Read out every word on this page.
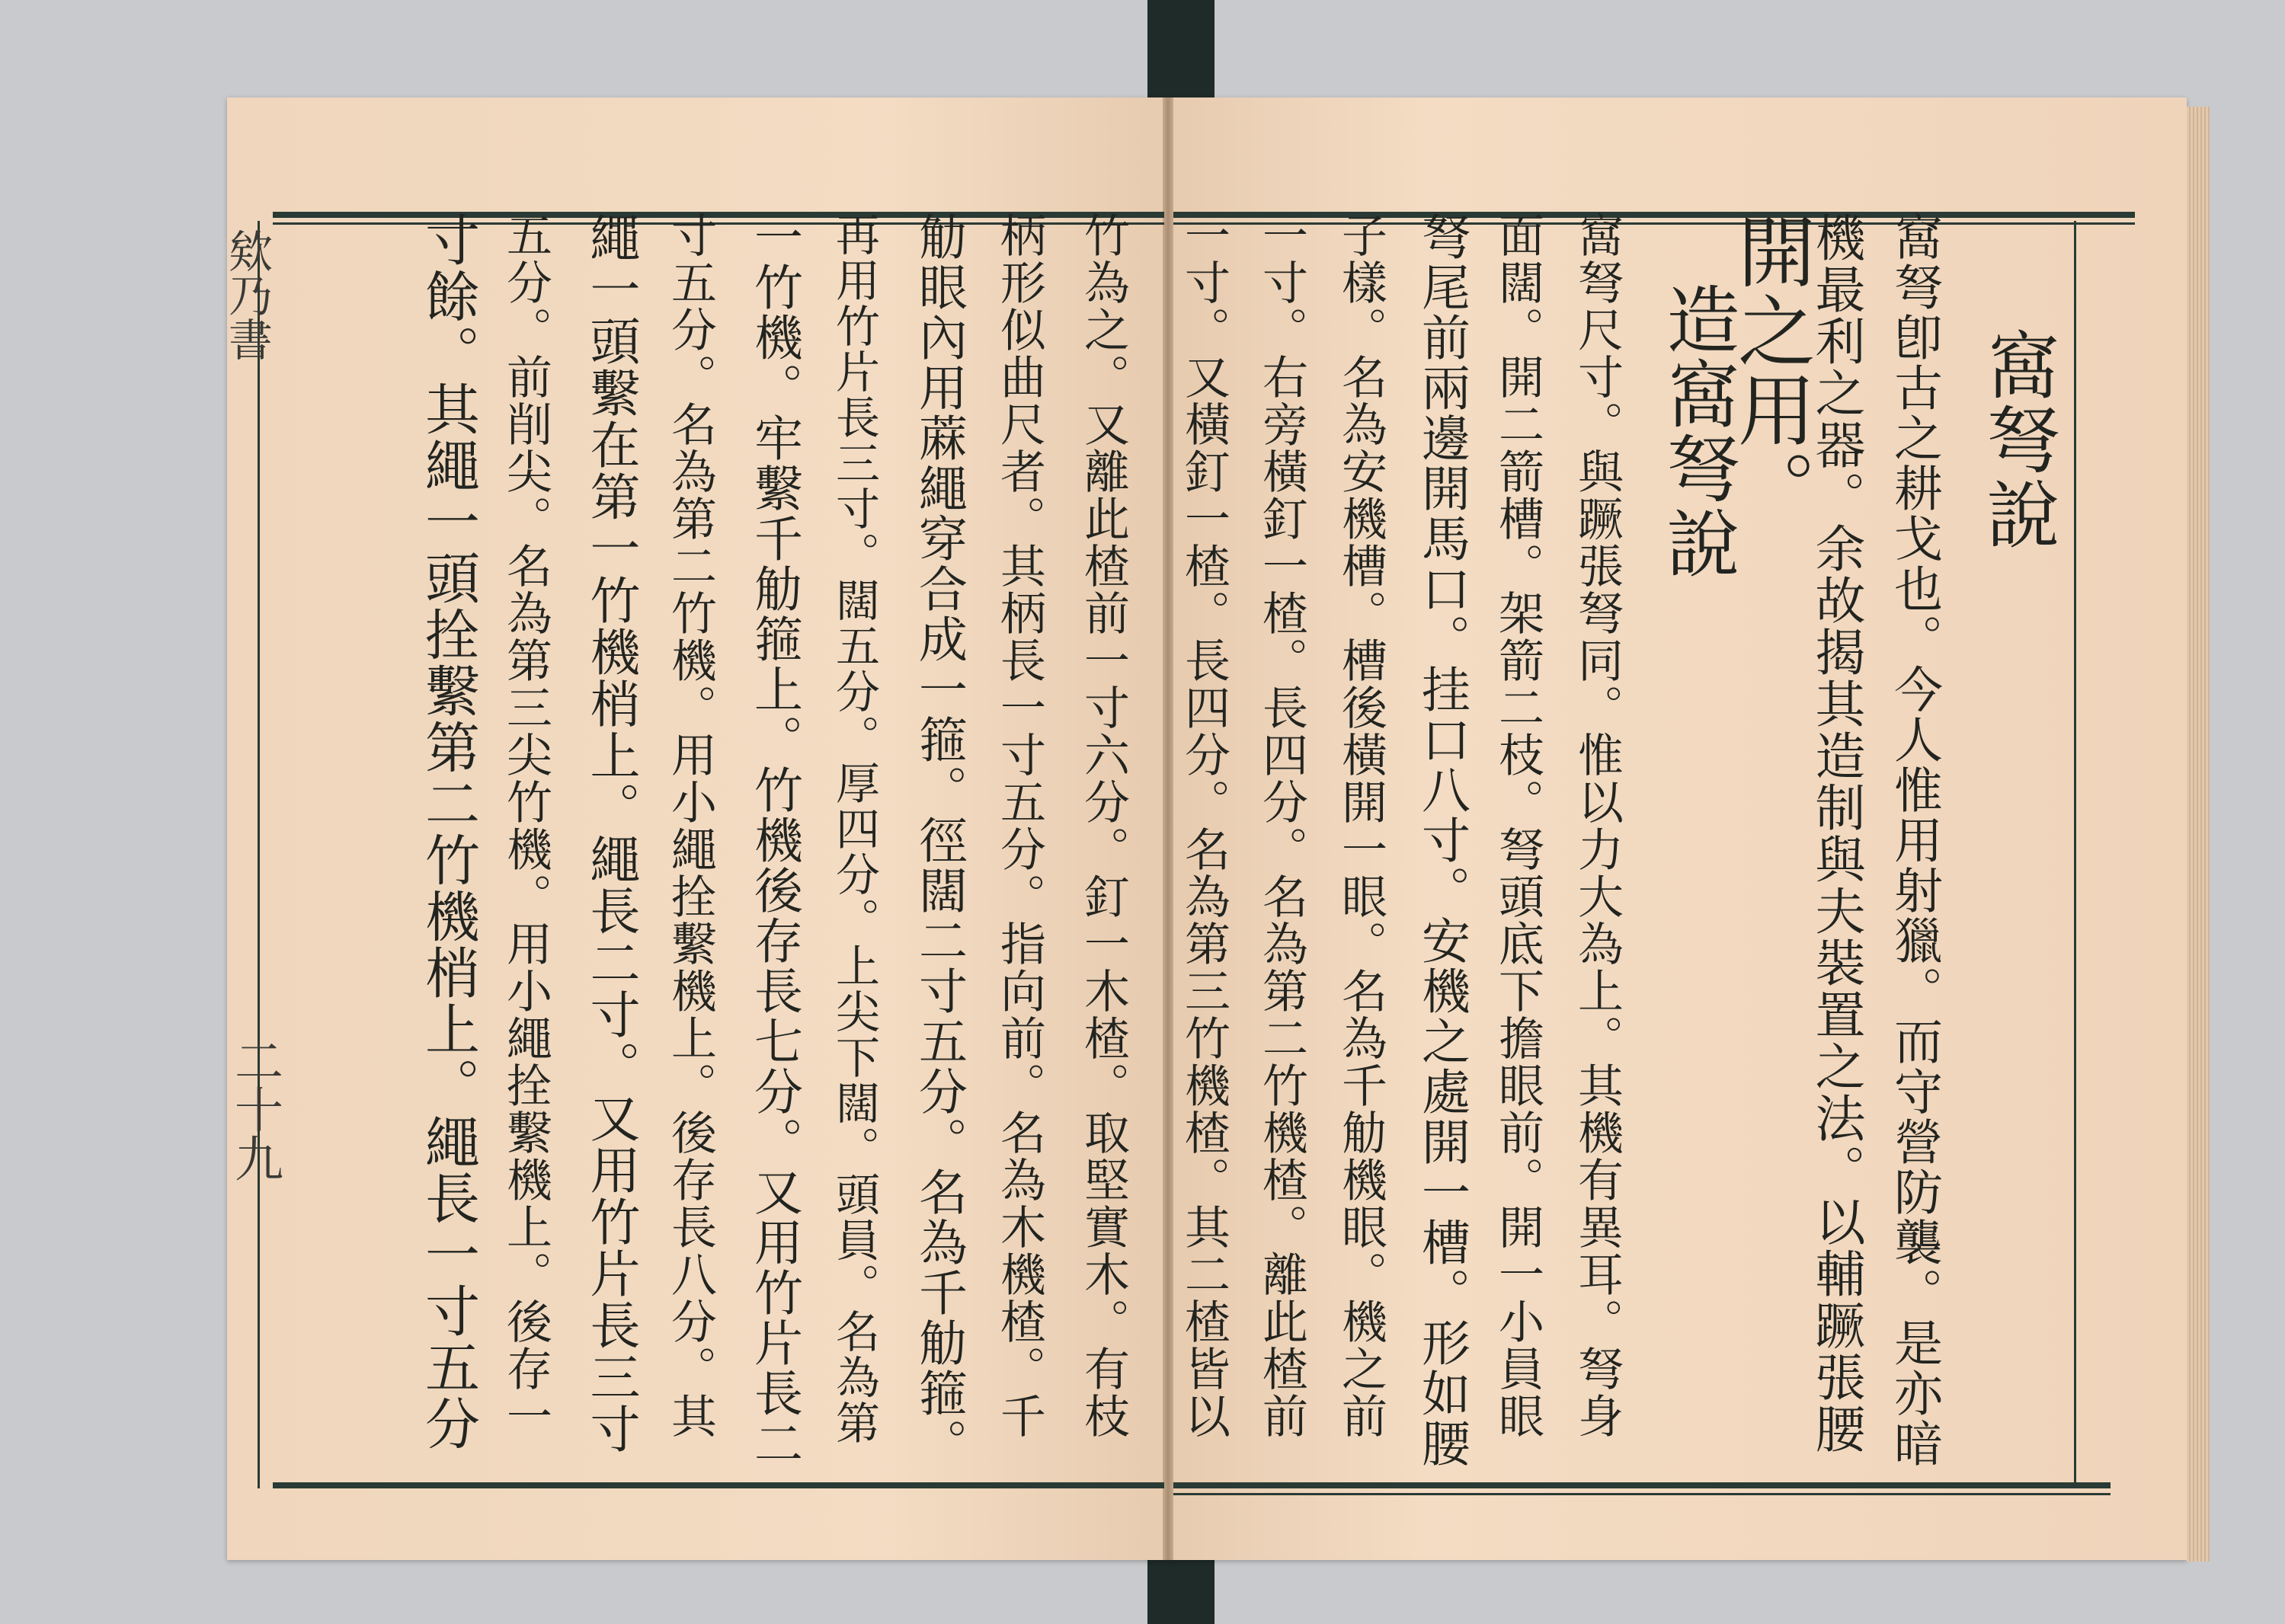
欸乃書
二十九
窩弩說
窩弩卽古之耕戈也。今人惟用射獵。而守營防襲。是亦暗
機最利之器。余故揭其造制與夫裝置之法。以輔蹶張腰
開之用。
造窩弩說
窩弩尺寸。與蹶張弩同。惟以力大為上。其機有異耳。弩身
面闊。開二箭槽。架箭二枝。弩頭底下擔眼前。開一小員眼
弩尾前兩邊開馬口。挂口八寸。安機之處開一槽。形如腰
子樣。名為安機槽。槽後橫開一眼。名為千觔機眼。機之前
一寸。右旁橫釘一楂。長四分。名為第二竹機楂。離此楂前
一寸。又橫釘一楂。長四分。名為第三竹機楂。其二楂皆以
竹為之。又離此楂前一寸六分。釘一木楂。取堅實木。有枝
柄形似曲尺者。其柄長一寸五分。指向前。名為木機楂。千
觔眼內用蔴繩穿合成一箍。徑闊二寸五分。名為千觔箍。
再用竹片長三寸。闊五分。厚四分。上尖下闊。頭員。名為第
一竹機。牢繫千觔箍上。竹機後存長七分。又用竹片長二
寸五分。名為第二竹機。用小繩拴繫機上。後存長八分。其
繩一頭繫在第一竹機梢上。繩長二寸。又用竹片長三寸
五分。前削尖。名為第三尖竹機。用小繩拴繫機上。後存一
寸餘。其繩一頭拴繫第二竹機梢上。繩長一寸五分
